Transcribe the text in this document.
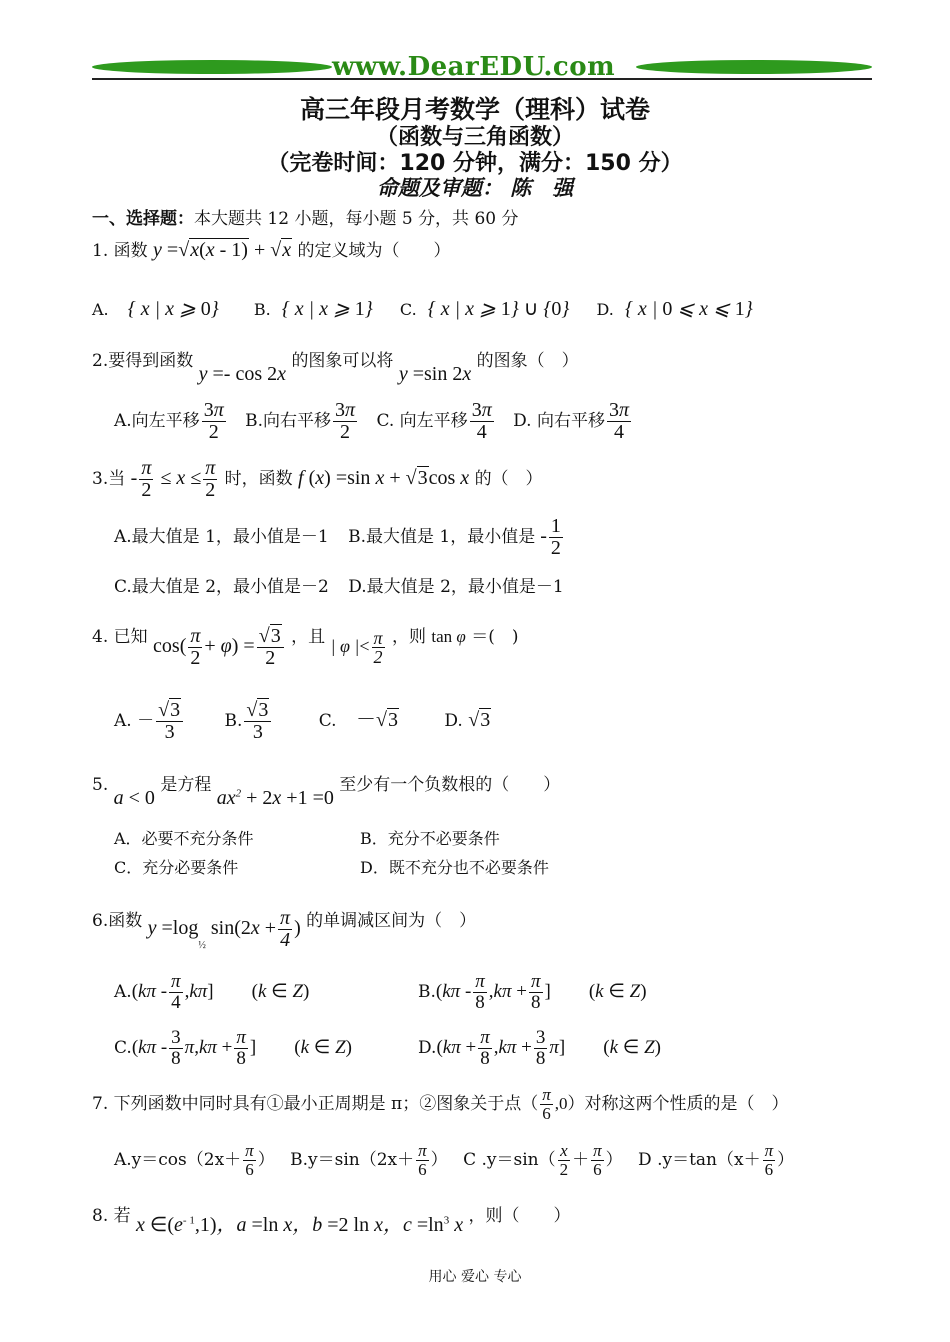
www.DearEDU.com
高三年段月考数学（理科）试卷
（函数与三角函数）
（完卷时间：120 分钟，满分：150 分）
命题及审题： 陈　强
一、选择题：本大题共 12 小题，每小题 5 分，共 60 分
1. 函数 y =√x(x - 1) + √x 的定义域为（　　）
A. { x | x ⩾ 0} B. { x | x ⩾ 1} C. { x | x ⩾ 1} ∪ {0} D. { x | 0 ⩽ x ⩽ 1}
2.要得到函数 y =- cos 2x 的图象可以将 y =sin 2x 的图象（　）
A.向左平移 $\frac{3\pi}{2} B$.向右平移 $\frac{3\pi}{2} C$. 向左平移 $\frac{3\pi}{4} D$. 向右平移 $\frac{3\pi}{4}$
3.当 - $\frac{\pi}{2} \le x \le \frac{\pi}{2}$ 时，函数 f (x) =sin x + √3cos x 的（　）
A.最大值是 1，最小值是－1 B.最大值是 1，最小值是 - $\frac{1}{2}$
C.最大值是 2，最小值是－2 D.最大值是 2，最小值是－1
4. 已知 $\cos( \frac{\pi}{2} + \varphi) = \frac{√3}{2}$ ，且 | φ |< $\frac{\pi}{2}$ ，则 tan φ ＝(　)
A. － $\frac{√3}{3} B$. $\frac{√3}{3}$	C. －√3	D. √3
5. a < 0 是方程 $ax^2 + 2x +1 =0$ 至少有一个负数根的（　　）
A．必要不充分条件	B．充分不必要条件
C．充分必要条件	D．既不充分也不必要条件
6.函数 $y =\log_{\frac{1}{2}}$ $\sin(2x + \frac{\pi}{4}$ ) 的单调减区间为（　）
$A.(k\pi - \frac{\pi}{4} ,k\pi]$　　 (k ∈ Z)	$B.(k\pi - \frac{\pi}{8} ,k\pi + \frac{\pi}{8}$ ]　　 (k ∈ Z)
$C.(k\pi - \frac{3}{8} \pi,k\pi + \frac{\pi}{8}$ ]　　 (k ∈ Z)	$D.(k\pi + \frac{\pi}{8} ,k\pi + \frac{3}{8} \pi]$　　 (k ∈ Z)
7. 下列函数中同时具有①最小正周期是 π；②图象关于点（ $\frac{\pi}{6} ,0$）对称这两个性质的是（　）
$A.y=\cos(2x+ \frac{\pi}{6}$ ） $B.y=\sin(2x+ \frac{\pi}{6}$ ） C $.y=\sin( \frac{x}{2} + \frac{\pi}{6}$ ） D $.y=\tan(x+ \frac{\pi}{6}$ ）
8. 若 x $\in(e^{- 1},1)$，a =ln x，b =2 ln x，$c =\ln^3$ x ，则（　　）
用心 爱心 专心
